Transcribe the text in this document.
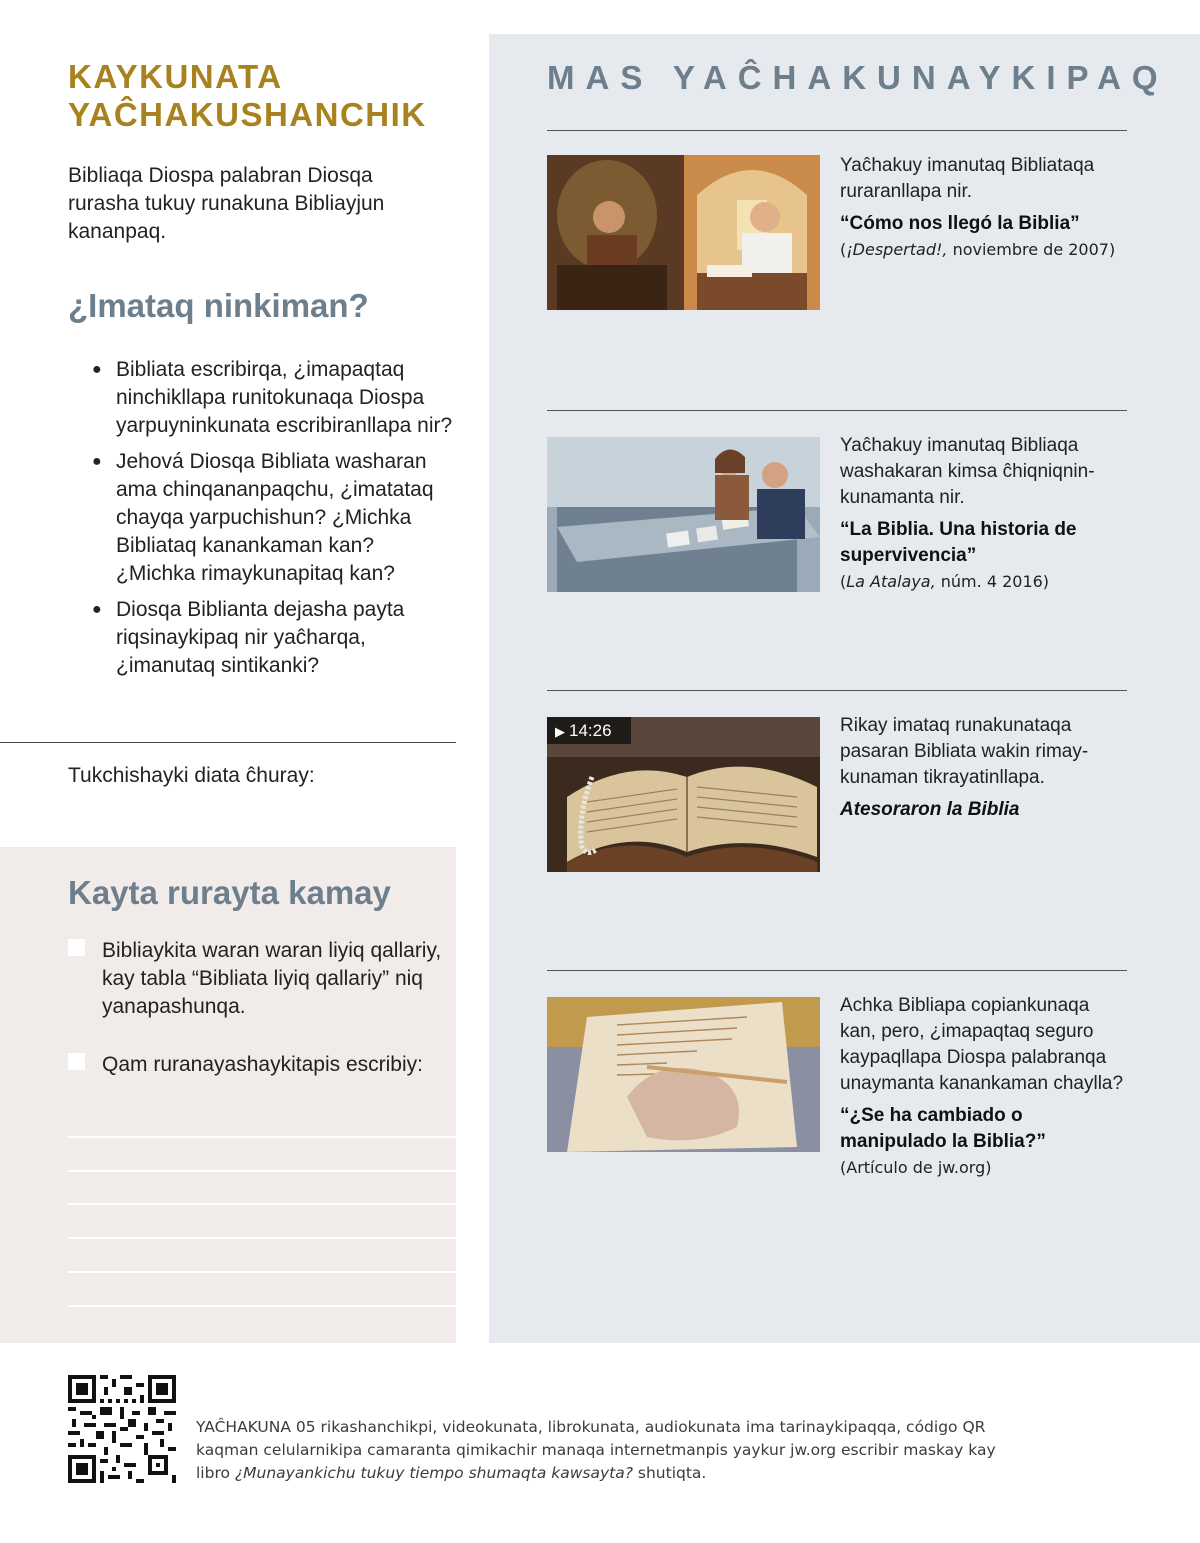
KAYKUNATA
YAĈHAKUSHANCHIK

Bibliaqa Diospa palabran Diosqa rurasha tukuy runakuna Bibliayjun kananpaq.

¿Imataq ninkiman?
● Bibliata escribirqa, ¿imapaqtaq ninchikllapa runitokunaqa Diospa yarpuyninkunata escribiranllapa nir?
● Jehová Diosqa Bibliata washaran ama chinqananpaqchu, ¿imatataq chayqa yarpuchishun? ¿Michka Bibliataq kanankaman kan? ¿Michka rimaykunapitaq kan?
● Diosqa Biblianta dejasha payta riqsinaykipaq nir yaĉharqa, ¿imanutaq sintikanki?

Tukchishayki diata ĉhuray:

Kayta rurayta kamay
Bibliaykita waran waran liyiq qallariy, kay tabla “Bibliata liyiq qallariy” niq yanapashunqa.
Qam ruranayashaykitapis escribiy:
MAS YAĈHAKUNAYKIPAQ

Yaĉhakuy imanutaq Bibliataqa ruraranllapa nir.

“Cómo nos llegó la Biblia”

(¡Despertad!, noviembre de 2007)

Yaĉhakuy imanutaq Bibliaqa washakaran kimsa ĉhiqniqnin-kunamanta nir.

“La Biblia. Una historia de supervivencia”

(La Atalaya, núm. 4 2016)

▶ 14:26	Rikay imataq runakunataqa pasaran Bibliata wakin rimay-kunaman tikrayatinllapa.

Atesoraron la Biblia

Achka Bibliapa copiankunaqa kan, pero, ¿imapaqtaq seguro kaypaqllapa Diospa palabranqa unaymanta kanankaman chaylla?

“¿Se ha cambiado o manipulado la Biblia?”

(Artículo de jw.org)

YAĈHAKUNA 05 rikashanchikpi, videokunata, librokunata, audiokunata ima tarinaykipaqqa, código QR kaqman celularnikipa camaranta qimikachir manaqa internetmanpis yaykur jw.org escribir maskay kay libro ¿Munayankichu tukuy tiempo shumaqta kawsayta? shutiqta.
